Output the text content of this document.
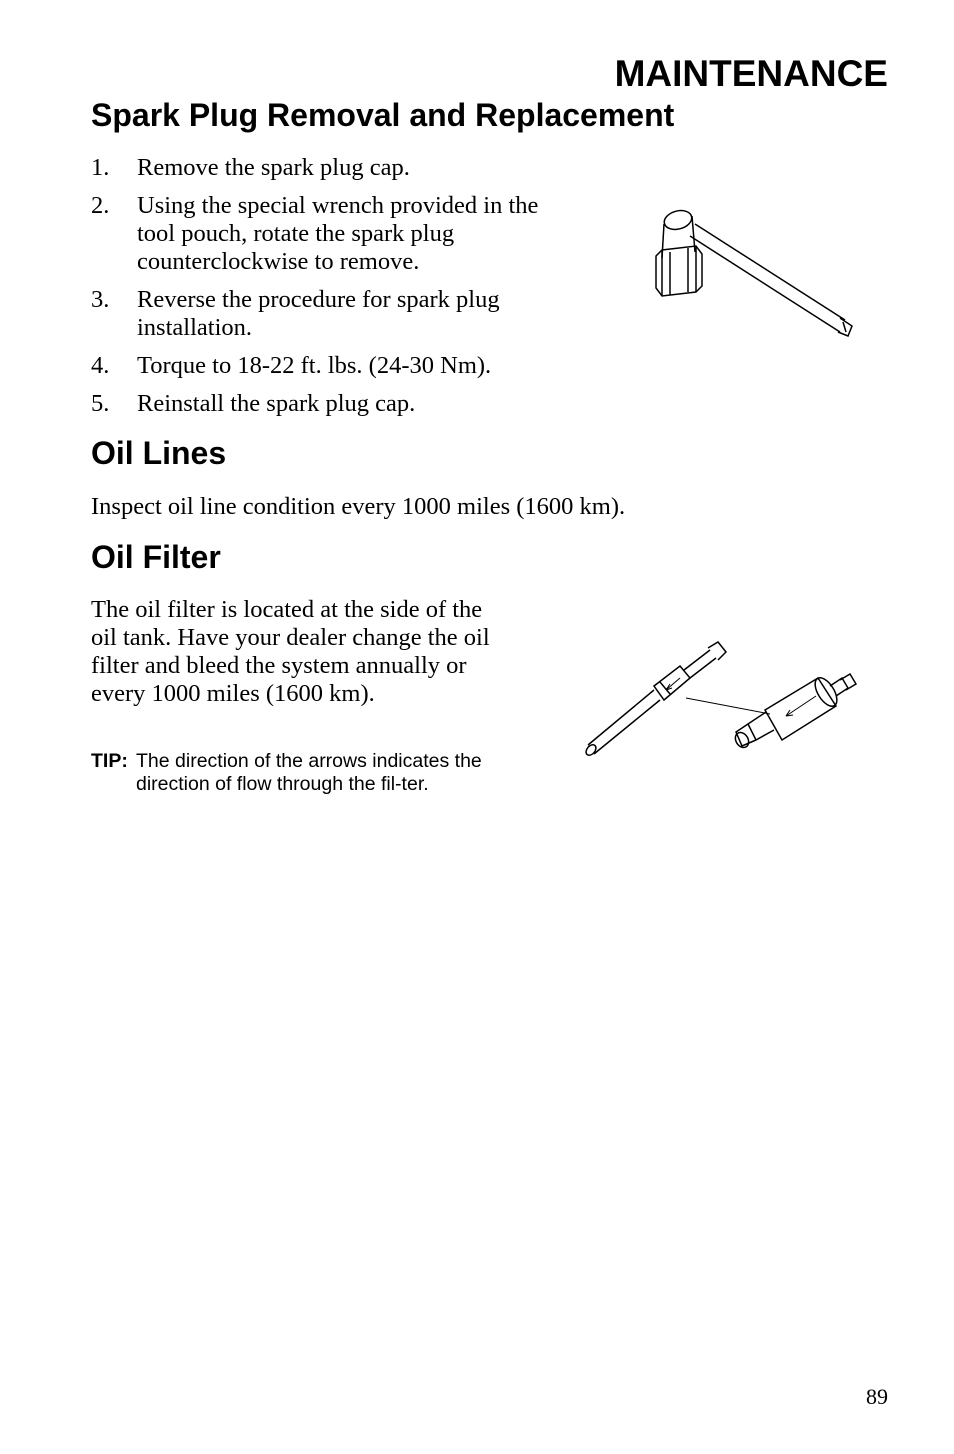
MAINTENANCE
Spark Plug Removal and Replacement
1. Remove the spark plug cap.
2. Using the special wrench provided in the tool pouch, rotate the spark plug counterclockwise to remove.
3. Reverse the procedure for spark plug installation.
4. Torque to 18-22 ft. lbs. (24-30 Nm).
5. Reinstall the spark plug cap.
Oil Lines

Inspect oil line condition every 1000 miles (1600 km).

Oil Filter

The oil filter is located at the side of the oil tank. Have your dealer change the oil filter and bleed the system annually or every 1000 miles (1600 km).

TIP: The direction of the arrows indicates the direction of flow through the fil-ter.
89
